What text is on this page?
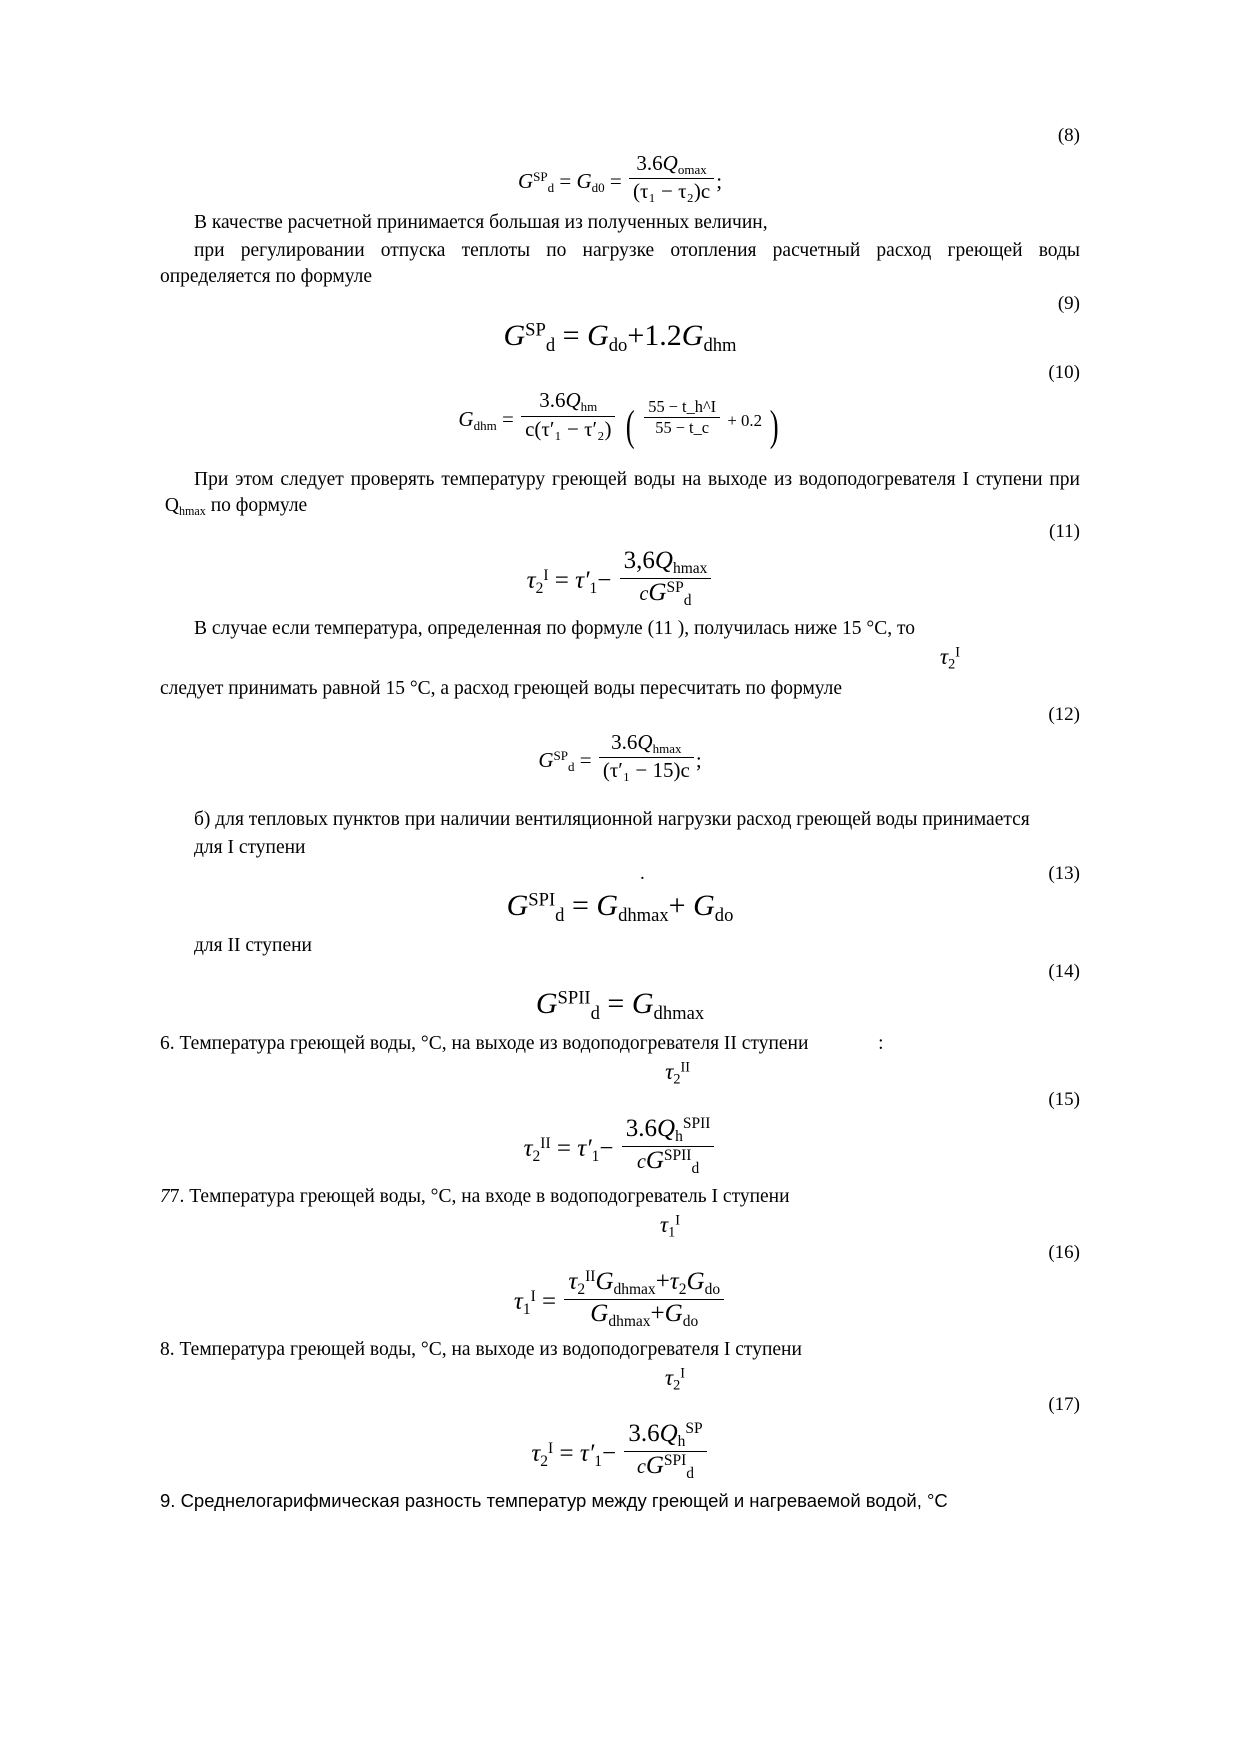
(8)
$G^{SP}_d = G_{d0} = \frac{3.6Q_{omax}}{\text{(τ₁ − τ₂)c}}$ ;
В качестве расчетной принимается большая из полученных величин,
при регулировании отпуска теплоты по нагрузке отопления расчетный расход греющей воды определяется по формуле
(9)
$G^{SP}_d = G_{do}+1.2G_{dhm}$
(10)
$G_{dhm} = \frac{3.6Q_{hm}}{\text{c(τ′₁ − τ′₂)}}$ ( $\frac{55 - t\_h\^{}I}{55 - t\_c} + 0.2$ )
При этом следует проверять температуру греющей воды на выходе из водоподогревателя I ступени при  $Q_{hmax}$ по формуле
(11)
$\tau_2^I = \tau'_1- \frac{3,6Q_{hmax}}{cG^{SP}_d}$
В случае если температура, определенная по формуле (11 ), получилась ниже 15 °С, то
$\tau_2^I$
следует принимать равной 15 °С, а расход греющей воды пересчитать по формуле
(12)
$G^{SP}_d = \frac{3.6Q_{hmax}}{\text{(τ′₁ − 15)c}}$ ;
б) для тепловых пунктов при наличии вентиляционной нагрузки расход греющей воды принимается
для I ступени
.	(13)
$G^{SPI}_d = G_{dhmax}+ G_{do}$
для II ступени
(14)
$G^{SPII}_d = G_{dhmax}$
6. Температура греющей воды, °С, на выходе из водоподогревателя II ступени	:
$\tau_2^{II}$
(15)
$\tau_2^{II} = \tau'_1- \frac{3.6Q_h^{SPII}}{cG^{SPII}_d}$
77. Температура греющей воды, °С, на входе в водоподогреватель I ступени
$\tau_1^I$
(16)
$\tau_1^I = \frac{\tau_2^{II}G_{dhmax}+\tau_2G_{do}}{G_{dhmax}+G_{do}}$
8. Температура греющей воды, °С, на выходе из водоподогревателя I ступени
$\tau_2^I$
(17)
$\tau_2^I = \tau'_1- \frac{3.6Q_h^{SP}}{cG^{SPI}_d}$
9. Среднелогарифмическая разность температур между греющей и нагреваемой водой, °С
